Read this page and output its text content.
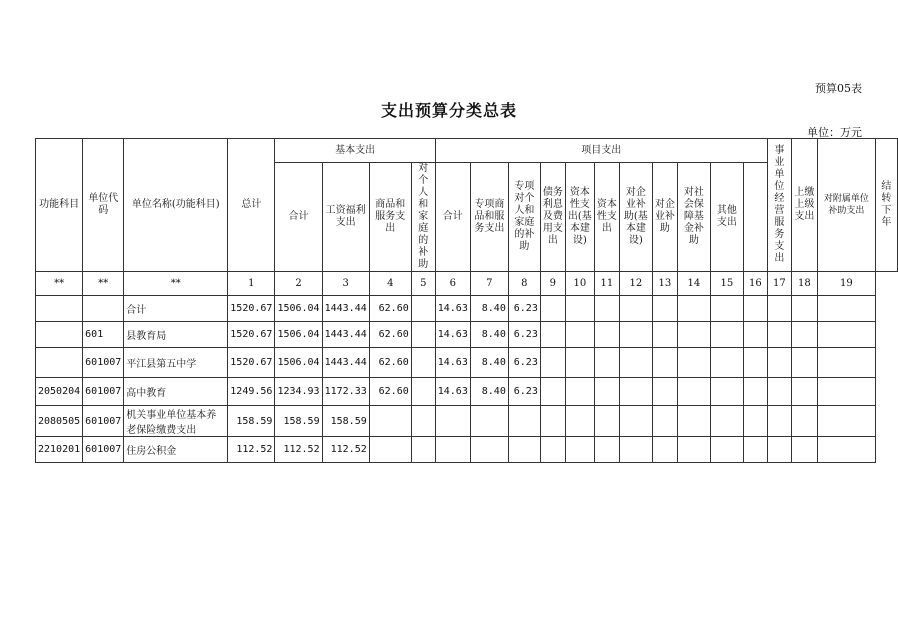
预算05表
支出预算分类总表
单位：万元
功能科目	单位代码	单位名称(功能科目)	总计	基本支出				项目支出											事业单位经营服务支出	上缴上级支出	对附属单位补助支出	结转下年
				合计	工资福利支出	商品和服务支出	对个人和家庭的补助	合计	专项商品和服务支出	专项对个人和家庭的补助	债务利息及费用支出	资本性支出(基本建设)	资本性支出	对企业补助(基本建设)	对企业补助	对社会保障基金补助	其他支出					
**	**	**	1	2	3	4	5	6	7	8	9	10	11	12	13	14	15	16	17	18	19	
		合计	1520.67	1506.04	1443.44	62.60		14.63	8.40	6.23												
	601	县教育局	1520.67	1506.04	1443.44	62.60		14.63	8.40	6.23												
	601007	平江县第五中学	1520.67	1506.04	1443.44	62.60		14.63	8.40	6.23												
2050204	601007	高中教育	1249.56	1234.93	1172.33	62.60		14.63	8.40	6.23												
2080505	601007	机关事业单位基本养老保险缴费支出	158.59	158.59	158.59																	
2210201	601007	住房公积金	112.52	112.52	112.52																	
